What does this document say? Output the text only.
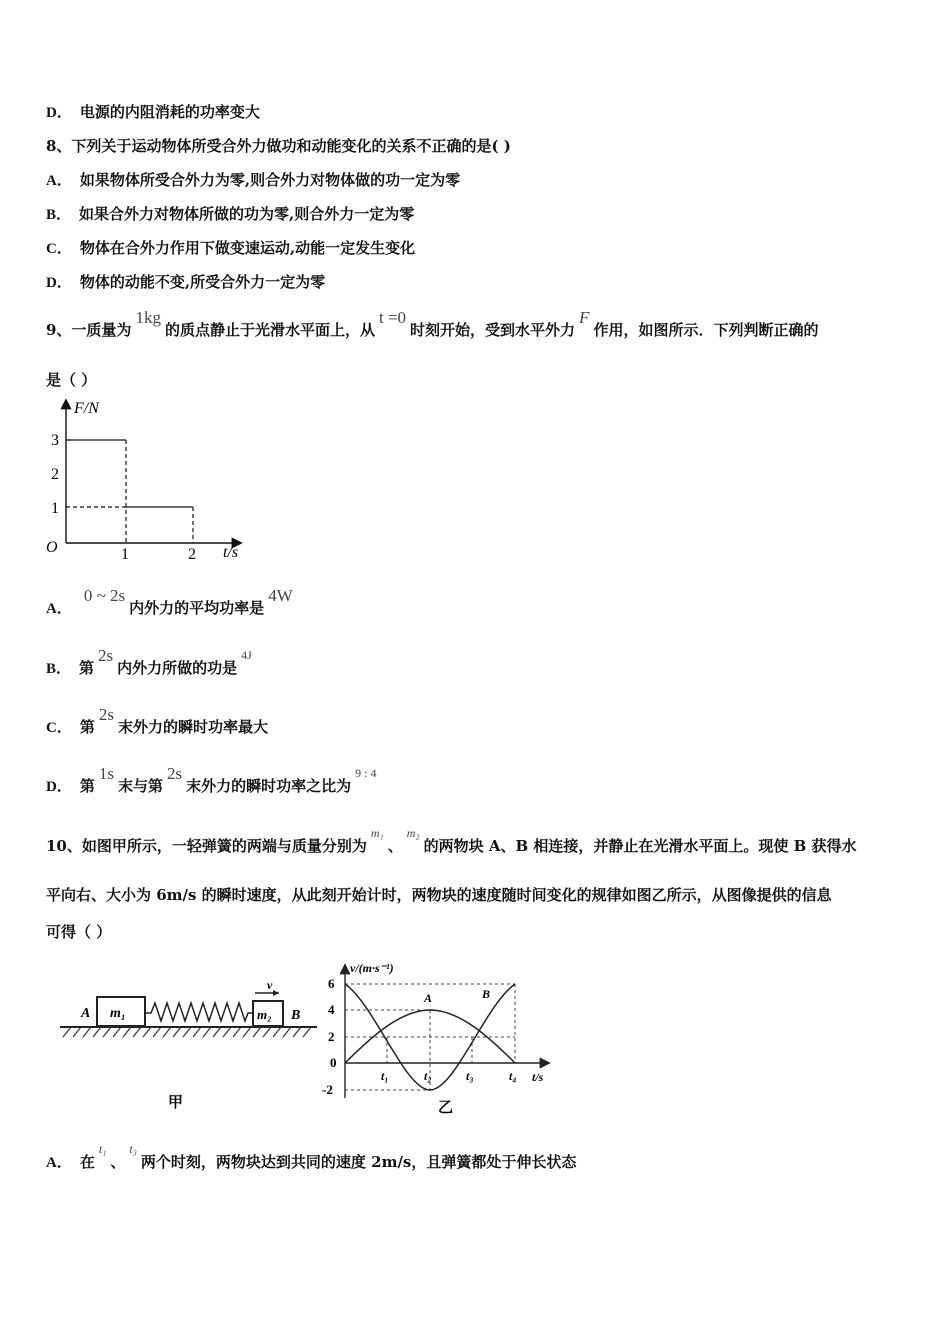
D． 电源的内阻消耗的功率变大
8、下列关于运动物体所受合外力做功和动能变化的关系不正确的是( )
A． 如果物体所受合外力为零,则合外力对物体做的功一定为零
B． 如果合外力对物体所做的功为零,则合外力一定为零
C． 物体在合外力作用下做变速运动,动能一定发生变化
D． 物体的动能不变,所受合外力一定为零
9、一质量为1kg的质点静止于光滑水平面上，从t =0时刻开始，受到水平外力F作用，如图所示．下列判断正确的
是（ ）
F/N
t/s
O
3
2
1
1	2
A．0 ~ 2s内外力的平均功率是4W
B． 第2s内外力所做的功是$^{4J}$
C． 第2s末外力的瞬时功率最大
D． 第1s末与第2s末外力的瞬时功率之比为$^{9 : 4}$
10、如图甲所示，一轻弹簧的两端与质量分别为$^{m_1}$、$^{m_2}$的两物块 A、B 相连接，并静止在光滑水平面上。现使 B 获得水
平向右、大小为 6m/s 的瞬时速度，从此刻开始计时，两物块的速度随时间变化的规律如图乙所示，从图像提供的信息
可得（ ）
m₁
A	m₂ B
v
甲
v/(m·s⁻¹)
t/s
6
4
2
0
-2
A	B
t₁	t₂	t₃	t₄
乙
A． 在$^{t_1}$、$^{t_3}$两个时刻，两物块达到共同的速度 2m/s，且弹簧都处于伸长状态
